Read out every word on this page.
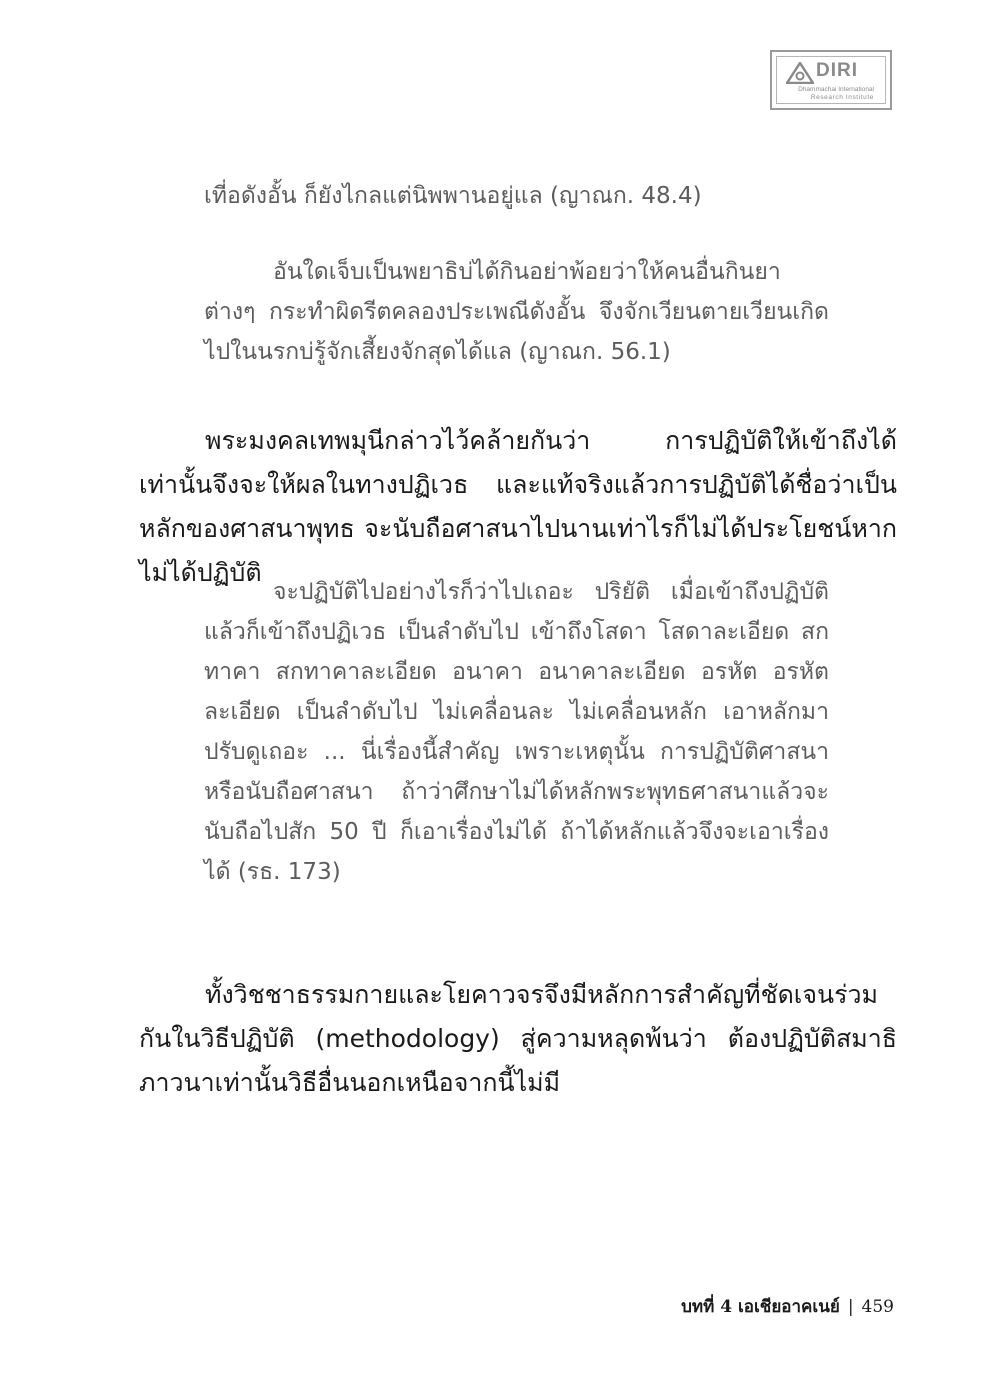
DIRI
Dhammachai International
Research Institute

เที่อดังอั้น ก็ยังไกลแต่นิพพานอยู่แล (ญาณก. 48.4)

อันใดเจ็บเป็นพยาธิบ่ได้กินอย่าพ้อยว่าให้คนอื่นกินยาต่างๆ กระทำผิดรีตคลองประเพณีดังอั้น จึงจักเวียนตายเวียนเกิดไปในนรกบ่รู้จักเสี้ยงจักสุดได้แล (ญาณก. 56.1)

พระมงคลเทพมุนีกล่าวไว้คล้ายกันว่า การปฏิบัติให้เข้าถึงได้เท่านั้นจึงจะให้ผลในทางปฏิเวธ และแท้จริงแล้วการปฏิบัติได้ชื่อว่าเป็นหลักของศาสนาพุทธ จะนับถือศาสนาไปนานเท่าไรก็ไม่ได้ประโยชน์หากไม่ได้ปฏิบัติ

จะปฏิบัติไปอย่างไรก็ว่าไปเถอะ ปริยัติ เมื่อเข้าถึงปฏิบัติแล้วก็เข้าถึงปฏิเวธ เป็นลำดับไป เข้าถึงโสดา โสดาละเอียด สกทาคา สกทาคาละเอียด อนาคา อนาคาละเอียด อรหัต อรหัตละเอียด เป็นลำดับไป ไม่เคลื่อนละ ไม่เคลื่อนหลัก เอาหลักมาปรับดูเถอะ ... นี่เรื่องนี้สำคัญ เพราะเหตุนั้น การปฏิบัติศาสนาหรือนับถือศาสนา ถ้าว่าศึกษาไม่ได้หลักพระพุทธศาสนาแล้วจะนับถือไปสัก 50 ปี ก็เอาเรื่องไม่ได้ ถ้าได้หลักแล้วจึงจะเอาเรื่องได้ (รธ. 173)

ทั้งวิชชาธรรมกายและโยคาวจรจึงมีหลักการสำคัญที่ชัดเจนร่วมกันในวิธีปฏิบัติ (methodology) สู่ความหลุดพ้นว่า ต้องปฏิบัติสมาธิภาวนาเท่านั้นวิธีอื่นนอกเหนือจากนี้ไม่มี

บทที่ 4 เอเชียอาคเนย์ | 459
